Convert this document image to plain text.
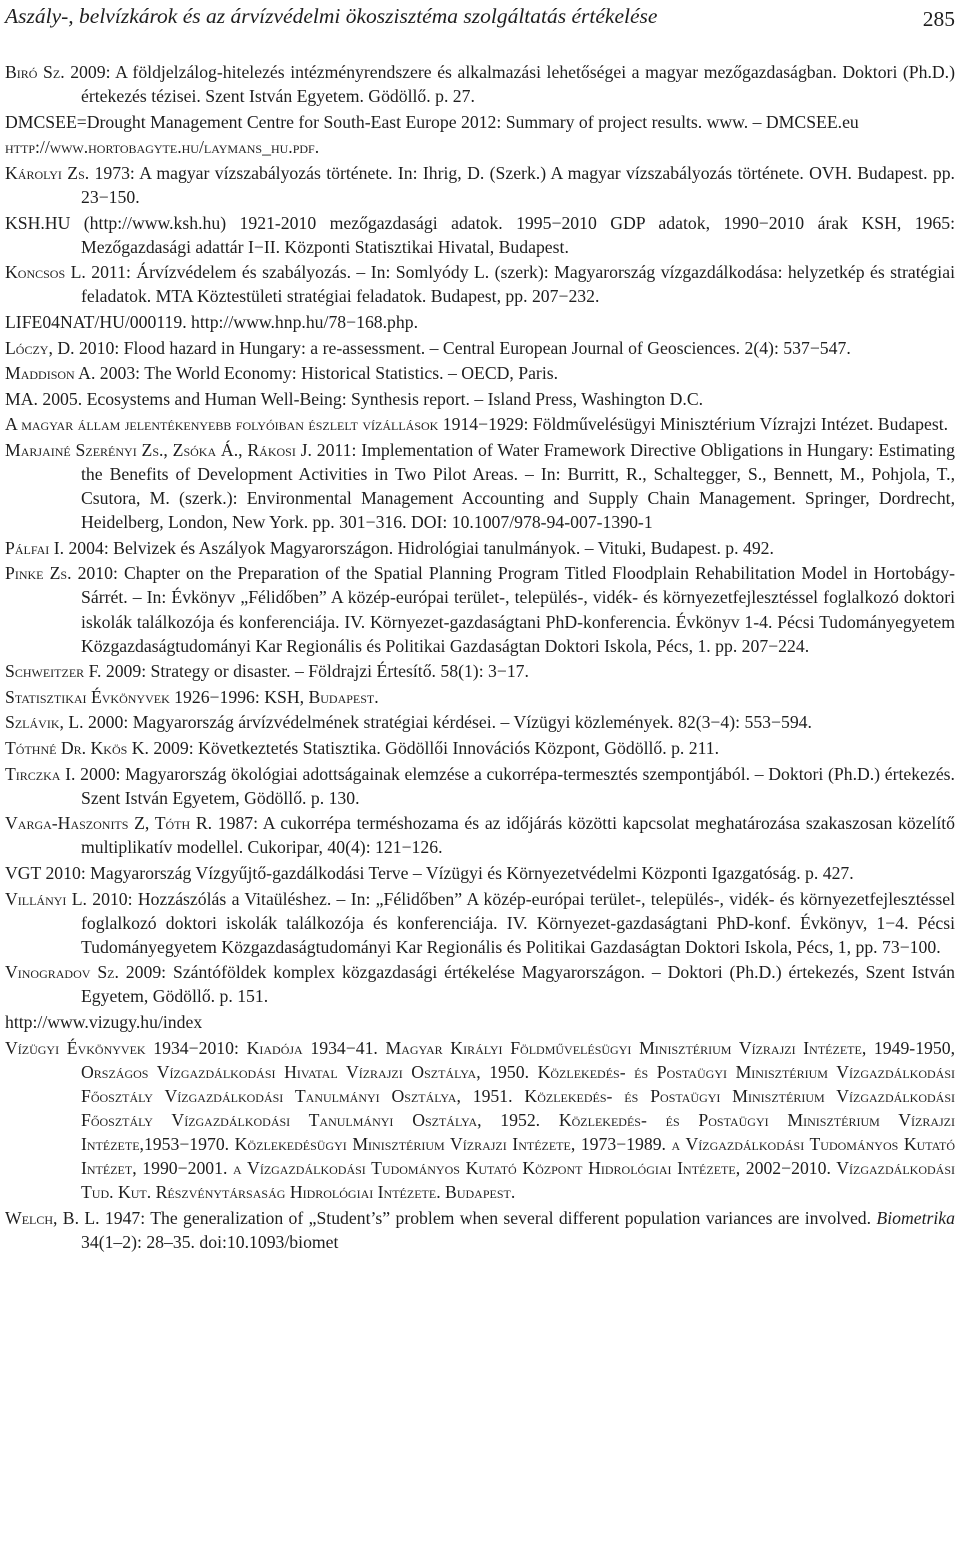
Aszály-, belvízkárok és az árvízvédelmi ökoszisztéma szolgáltatás értékelése	285

Biró Sz. 2009: A földjelzálog-hitelezés intézményrendszere és alkalmazási lehetőségei a magyar mezőgazdaságban. Doktori (Ph.D.) értekezés tézisei. Szent István Egyetem. Gödöllő. p. 27.

DMCSEE=Drought Management Centre for South-East Europe 2012: Summary of project results. www. – DMCSEE.eu

http://www.hortobagyte.hu/laymans_hu.pdf.

Károlyi Zs. 1973: A magyar vízszabályozás története. In: Ihrig, D. (Szerk.) A magyar vízszabályozás története. OVH. Budapest. pp. 23−150.

KSH.HU (http://www.ksh.hu) 1921-2010 mezőgazdasági adatok. 1995−2010 GDP adatok, 1990−2010 árak KSH, 1965: Mezőgazdasági adattár I−II. Központi Statisztikai Hivatal, Budapest.

Koncsos L. 2011: Árvízvédelem és szabályozás. – In: Somlyódy L. (szerk): Magyarország vízgazdálkodása: helyzetkép és stratégiai feladatok. MTA Köztestületi stratégiai feladatok. Budapest, pp. 207−232.

LIFE04NAT/HU/000119. http://www.hnp.hu/78−168.php.

Lóczy, D. 2010: Flood hazard in Hungary: a re-assessment. – Central European Journal of Geosciences. 2(4): 537−547.

Maddison A. 2003: The World Economy: Historical Statistics. – OECD, Paris.

MA. 2005. Ecosystems and Human Well-Being: Synthesis report. – Island Press, Washington D.C.

A magyar állam jelentékenyebb folyóiban észlelt vízállások 1914−1929: Földművelésügyi Minisztérium Vízrajzi Intézet. Budapest.

Marjainé Szerényi Zs., Zsóka Á., Rákosi J. 2011: Implementation of Water Framework Directive Obligations in Hungary: Estimating the Benefits of Development Activities in Two Pilot Areas. – In: Burritt, R., Schaltegger, S., Bennett, M., Pohjola, T., Csutora, M. (szerk.): Environmental Management Accounting and Supply Chain Management. Springer, Dordrecht, Heidelberg, London, New York. pp. 301−316. DOI: 10.1007/978-94-007-1390-1

Pálfai I. 2004: Belvizek és Aszályok Magyarországon. Hidrológiai tanulmányok. – Vituki, Budapest. p. 492.

Pinke Zs. 2010: Chapter on the Preparation of the Spatial Planning Program Titled Floodplain Rehabilitation Model in Hortobágy-Sárrét. – In: Évkönyv „Félidőben” A közép-európai terület-, település-, vidék- és környezetfejlesztéssel foglalkozó doktori iskolák találkozója és konferenciája. IV. Környezet-gazdaságtani PhD-konferencia. Évkönyv 1-4. Pécsi Tudományegyetem Közgazdaságtudományi Kar Regionális és Politikai Gazdaságtan Doktori Iskola, Pécs, 1. pp. 207−224.

Schweitzer F. 2009: Strategy or disaster. – Földrajzi Értesítő. 58(1): 3−17.

Statisztikai Évkönyvek 1926−1996: KSH, Budapest.

Szlávik, L. 2000: Magyarország árvízvédelmének stratégiai kérdései. – Vízügyi közlemények. 82(3−4): 553−594.

Tóthné Dr. Kkös K. 2009: Következtetés Statisztika. Gödöllői Innovációs Központ, Gödöllő. p. 211.

Tirczka I. 2000: Magyarország ökológiai adottságainak elemzése a cukorrépa-termesztés szempontjából. – Doktori (Ph.D.) értekezés. Szent István Egyetem, Gödöllő. p. 130.

Varga-Haszonits Z, Tóth R. 1987: A cukorrépa terméshozama és az időjárás közötti kapcsolat meghatározása szakaszosan közelítő multiplikatív modellel. Cukoripar, 40(4): 121−126.

VGT 2010: Magyarország Vízgyűjtő-gazdálkodási Terve – Vízügyi és Környezetvédelmi Központi Igazgatóság. p. 427.

Villányi L. 2010: Hozzászólás a Vitaüléshez. – In: „Félidőben” A közép-európai terület-, település-, vidék- és környezetfejlesztéssel foglalkozó doktori iskolák találkozója és konferenciája. IV. Környezet-gazdaságtani PhD-konf. Évkönyv, 1−4. Pécsi Tudományegyetem Közgazdaságtudományi Kar Regionális és Politikai Gazdaságtan Doktori Iskola, Pécs, 1, pp. 73−100.

Vinogradov Sz. 2009: Szántóföldek komplex közgazdasági értékelése Magyarországon. – Doktori (Ph.D.) értekezés, Szent István Egyetem, Gödöllő. p. 151.

http://www.vizugy.hu/index

Vízügyi Évkönyvek 1934−2010: Kiadója 1934−41. Magyar Királyi Földművelésügyi Minisztérium Vízrajzi Intézete, 1949-1950, Országos Vízgazdálkodási Hivatal Vízrajzi Osztálya, 1950. Közlekedés- és Postaügyi Minisztérium Vízgazdálkodási Főosztály Vízgazdálkodási Tanulmányi Osztálya, 1951. Közlekedés- és Postaügyi Minisztérium Vízgazdálkodási Főosztály Vízgazdálkodási Tanulmányi Osztálya, 1952. Közlekedés- és Postaügyi Minisztérium Vízrajzi Intézete,1953−1970. Közlekedésügyi Minisztérium Vízrajzi Intézete, 1973−1989. a Vízgazdálkodási Tudományos Kutató Intézet, 1990−2001. a Vízgazdálkodási Tudományos Kutató Központ Hidrológiai Intézete, 2002−2010. Vízgazdálkodási Tud. Kut. Részvénytársaság Hidrológiai Intézete. Budapest.

Welch, B. L. 1947: The generalization of „Student’s” problem when several different population variances are involved. Biometrika 34(1–2): 28–35. doi:10.1093/biomet
